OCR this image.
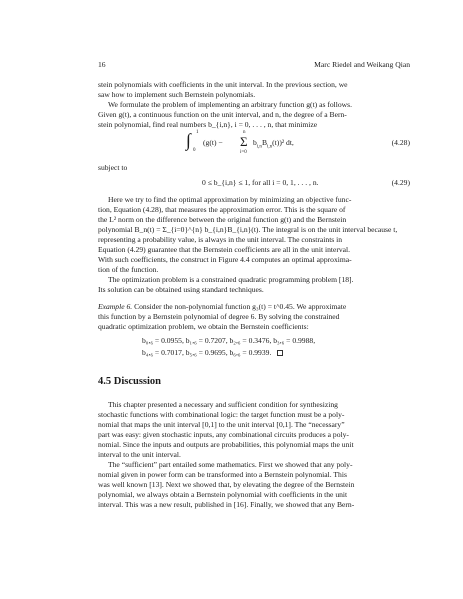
16	Marc Riedel and Weikang Qian
stein polynomials with coefficients in the unit interval. In the previous section, we
saw how to implement such Bernstein polynomials.
We formulate the problem of implementing an arbitrary function g(t) as follows.
Given g(t), a continuous function on the unit interval, and n, the degree of a Bern-
stein polynomial, find real numbers b_{i,n}, i = 0, . . . , n, that minimize
∫ 1
0
(g(t) − Σ
n
i=0
$b_{i,n}B_{i,n}(t))^2$ dt,	(4.28)
subject to
0 ≤ b_{i,n} ≤ 1, for all i = 0, 1, . . . , n.	(4.29)
Here we try to find the optimal approximation by minimizing an objective func-
tion, Equation (4.28), that measures the approximation error. This is the square of
the L² norm on the difference between the original function g(t) and the Bernstein
polynomial B_n(t) = Σ_{i=0}^{n} b_{i,n}B_{i,n}(t). The integral is on the unit interval because t,
representing a probability value, is always in the unit interval. The constraints in
Equation (4.29) guarantee that the Bernstein coefficients are all in the unit interval.
With such coefficients, the construct in Figure 4.4 computes an optimal approxima-
tion of the function.
The optimization problem is a constrained quadratic programming problem [18].
Its solution can be obtained using standard techniques.
Example 6. Consider the non-polynomial function g₃(t) = t^0.45. We approximate
this function by a Bernstein polynomial of degree 6. By solving the constrained
quadratic optimization problem, we obtain the Bernstein coefficients:
b₀,₆ = 0.0955, b₁,₆ = 0.7207, b₂,₆ = 0.3476, b₃,₆ = 0.9988,
b₄,₆ = 0.7017, b₅,₆ = 0.9695, b₆,₆ = 0.9939.
4.5 Discussion
This chapter presented a necessary and sufficient condition for synthesizing
stochastic functions with combinational logic: the target function must be a poly-
nomial that maps the unit interval [0,1] to the unit interval [0,1]. The “necessary”
part was easy: given stochastic inputs, any combinational circuits produces a poly-
nomial. Since the inputs and outputs are probabilities, this polynomial maps the unit
interval to the unit interval.
The “sufficient” part entailed some mathematics. First we showed that any poly-
nomial given in power form can be transformed into a Bernstein polynomial. This
was well known [13]. Next we showed that, by elevating the degree of the Bernstein
polynomial, we always obtain a Bernstein polynomial with coefficients in the unit
interval. This was a new result, published in [16]. Finally, we showed that any Bern-
